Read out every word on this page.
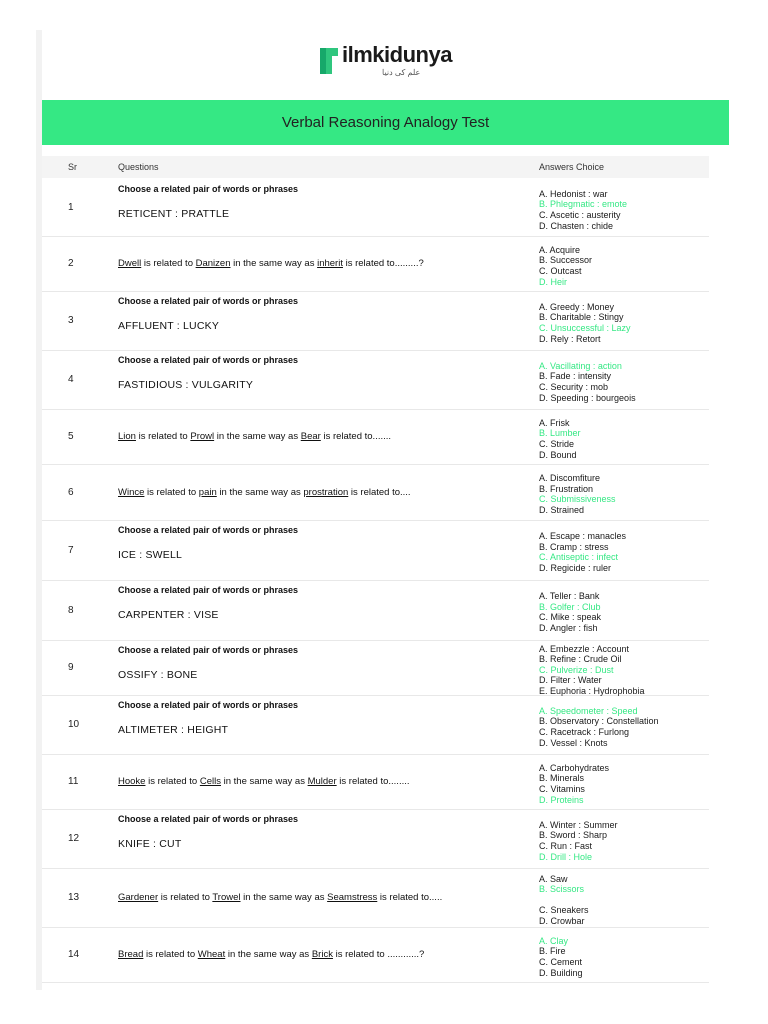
ilmkidunya
علم کی دنیا
Verbal Reasoning Analogy Test
Sr	Questions	Answers Choice
1
Choose a related pair of words or phrases
RETICENT : PRATTLE
A. Hedonist : war
B. Phlegmatic : emote
C. Ascetic : austerity
D. Chasten : chide
2	Dwell is related to Danizen in the same way as inherit is related to.........?
A. Acquire
B. Successor
C. Outcast
D. Heir
3
Choose a related pair of words or phrases
AFFLUENT : LUCKY
A. Greedy : Money
B. Charitable : Stingy
C. Unsuccessful : Lazy
D. Rely : Retort
4
Choose a related pair of words or phrases
FASTIDIOUS : VULGARITY
A. Vacillating : action
B. Fade : intensity
C. Security : mob
D. Speeding : bourgeois
5	Lion is related to Prowl in the same way as Bear is related to.......
A. Frisk
B. Lumber
C. Stride
D. Bound
6	Wince is related to pain in the same way as prostration is related to....
A. Discomfiture
B. Frustration
C. Submissiveness
D. Strained
7
Choose a related pair of words or phrases
ICE : SWELL
A. Escape : manacles
B. Cramp : stress
C. Antiseptic : infect
D. Regicide : ruler
8
Choose a related pair of words or phrases
CARPENTER : VISE
A. Teller : Bank
B. Golfer : Club
C. Mike : speak
D. Angler : fish
9
Choose a related pair of words or phrases
OSSIFY : BONE
A. Embezzle : Account
B. Refine : Crude Oil
C. Pulverize : Dust
D. Filter : Water
E. Euphoria : Hydrophobia
10
Choose a related pair of words or phrases
ALTIMETER : HEIGHT
A. Speedometer : Speed
B. Observatory : Constellation
C. Racetrack : Furlong
D. Vessel : Knots
11	Hooke is related to Cells in the same way as Mulder is related to........
A. Carbohydrates
B. Minerals
C. Vitamins
D. Proteins
12
Choose a related pair of words or phrases
KNIFE : CUT
A. Winter : Summer
B. Sword : Sharp
C. Run : Fast
D. Drill : Hole
13	Gardener is related to Trowel in the same way as Seamstress is related to.....
A. Saw
B. Scissors

C. Sneakers
D. Crowbar
14	Bread is related to Wheat in the same way as Brick is related to ............?
A. Clay
B. Fire
C. Cement
D. Building
